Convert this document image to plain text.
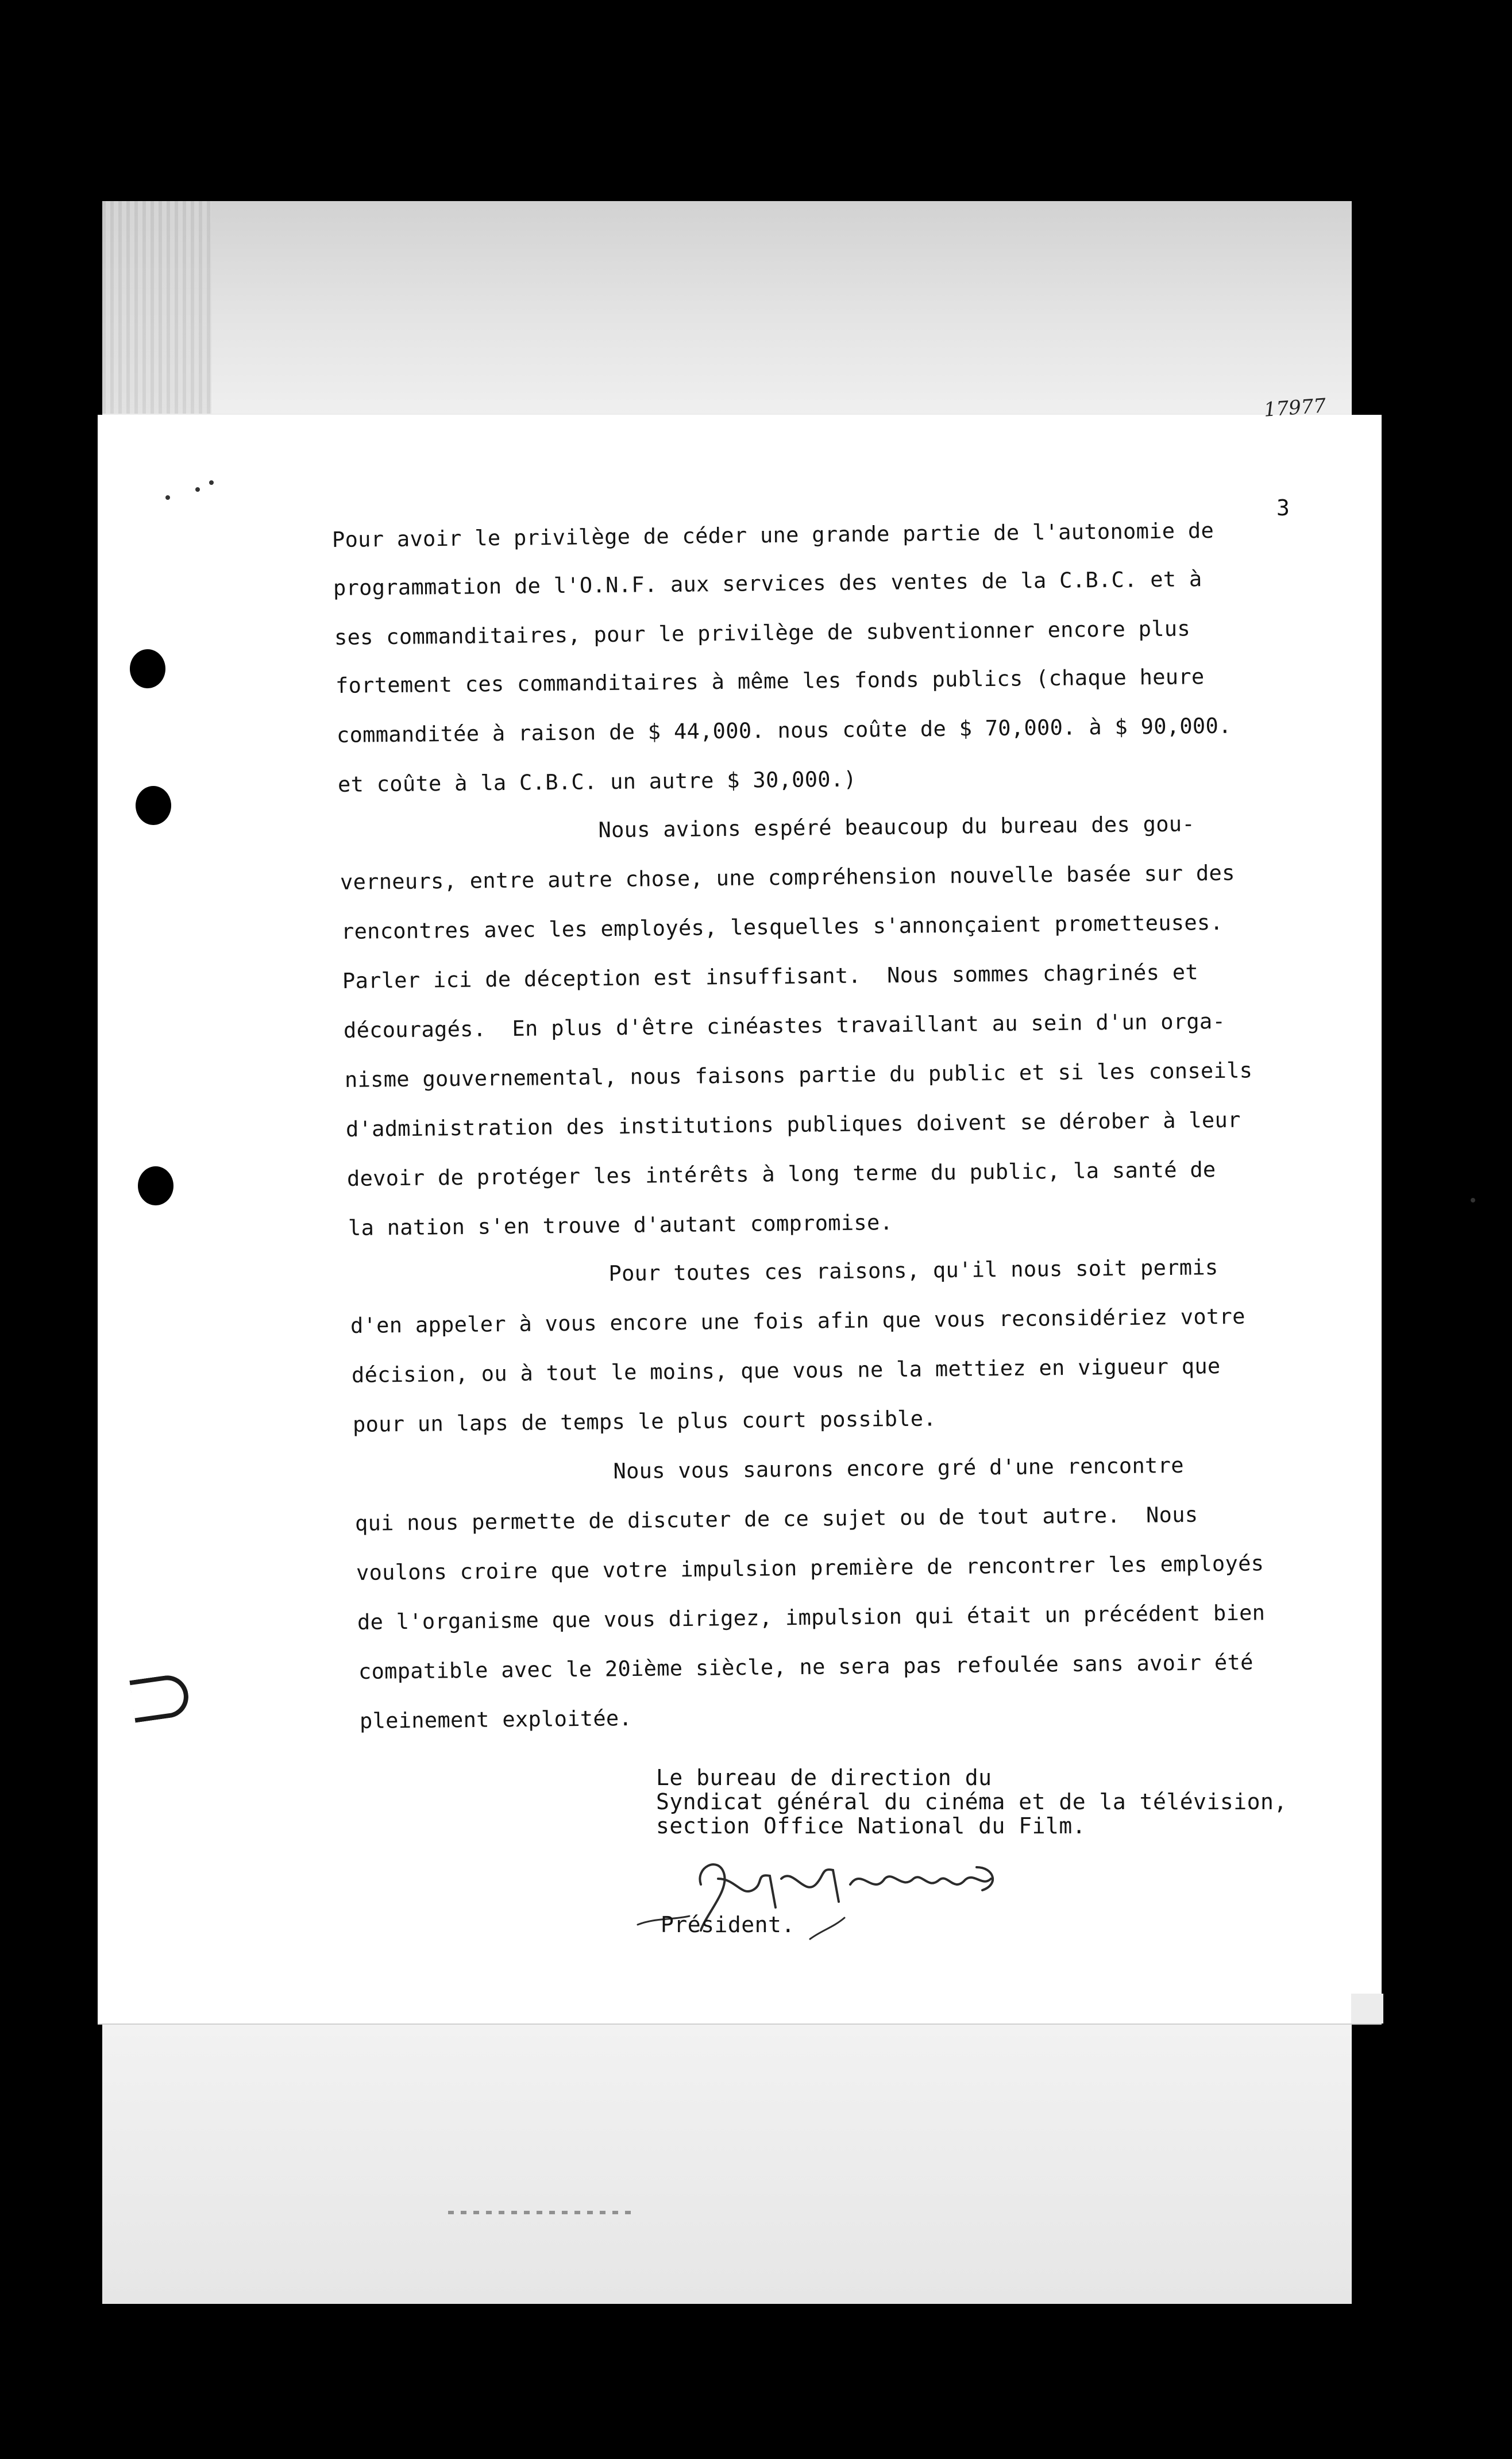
17977
3
Pour avoir le privilège de céder une grande partie de l'autonomie de
programmation de l'O.N.F. aux services des ventes de la C.B.C. et à
ses commanditaires, pour le privilège de subventionner encore plus
fortement ces commanditaires à même les fonds publics (chaque heure
commanditée à raison de $ 44,000. nous coûte de $ 70,000. à $ 90,000.
et coûte à la C.B.C. un autre $ 30,000.)
Nous avions espéré beaucoup du bureau des gou-
verneurs, entre autre chose, une compréhension nouvelle basée sur des
rencontres avec les employés, lesquelles s'annonçaient prometteuses.
Parler ici de déception est insuffisant.  Nous sommes chagrinés et
découragés.  En plus d'être cinéastes travaillant au sein d'un orga-
nisme gouvernemental, nous faisons partie du public et si les conseils
d'administration des institutions publiques doivent se dérober à leur
devoir de protéger les intérêts à long terme du public, la santé de
la nation s'en trouve d'autant compromise.
Pour toutes ces raisons, qu'il nous soit permis
d'en appeler à vous encore une fois afin que vous reconsidériez votre
décision, ou à tout le moins, que vous ne la mettiez en vigueur que
pour un laps de temps le plus court possible.
Nous vous saurons encore gré d'une rencontre
qui nous permette de discuter de ce sujet ou de tout autre.  Nous
voulons croire que votre impulsion première de rencontrer les employés
de l'organisme que vous dirigez, impulsion qui était un précédent bien
compatible avec le 20ième siècle, ne sera pas refoulée sans avoir été
pleinement exploitée.
Le bureau de direction du
Syndicat général du cinéma et de la télévision,
section Office National du Film.
Président.
